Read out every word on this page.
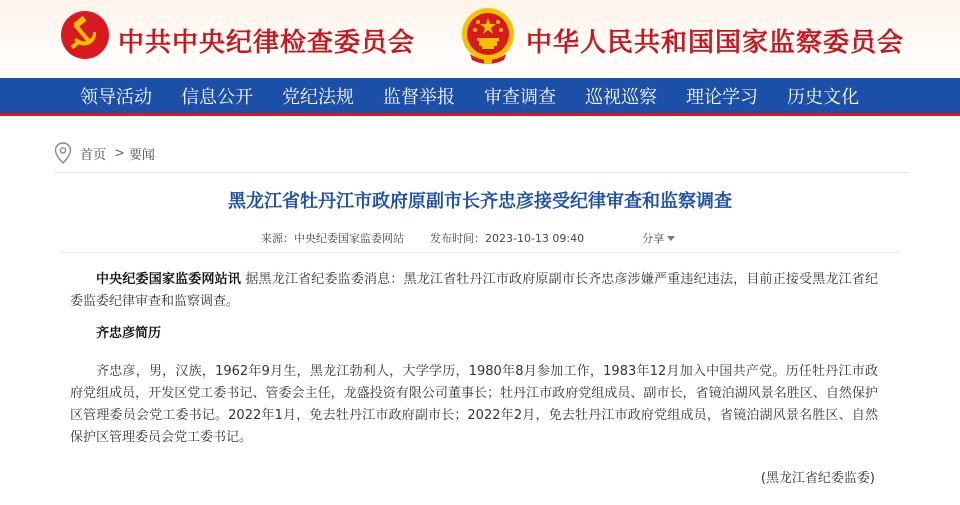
中共中央纪律检查委员会	中华人民共和国国家监察委员会
领导活动 信息公开 党纪法规 监督举报 审查调查 巡视巡察 理论学习 历史文化
首页 > 要闻
黑龙江省牡丹江市政府原副市长齐忠彦接受纪律审查和监察调查
来源：中央纪委国家监委网站 发布时间：2023-10-13 09:40	分享

中央纪委国家监委网站讯 据黑龙江省纪委监委消息：黑龙江省牡丹江市政府原副市长齐忠彦涉嫌严重违纪违法，目前正接受黑龙江省纪委监委纪律审查和监察调查。

齐忠彦简历

齐忠彦，男，汉族，1962年9月生，黑龙江勃利人，大学学历，1980年8月参加工作，1983年12月加入中国共产党。历任牡丹江市政府党组成员，开发区党工委书记、管委会主任，龙盛投资有限公司董事长；牡丹江市政府党组成员、副市长，省镜泊湖风景名胜区、自然保护区管理委员会党工委书记。2022年1月，免去牡丹江市政府副市长；2022年2月，免去牡丹江市政府党组成员，省镜泊湖风景名胜区、自然保护区管理委员会党工委书记。

(黑龙江省纪委监委)
